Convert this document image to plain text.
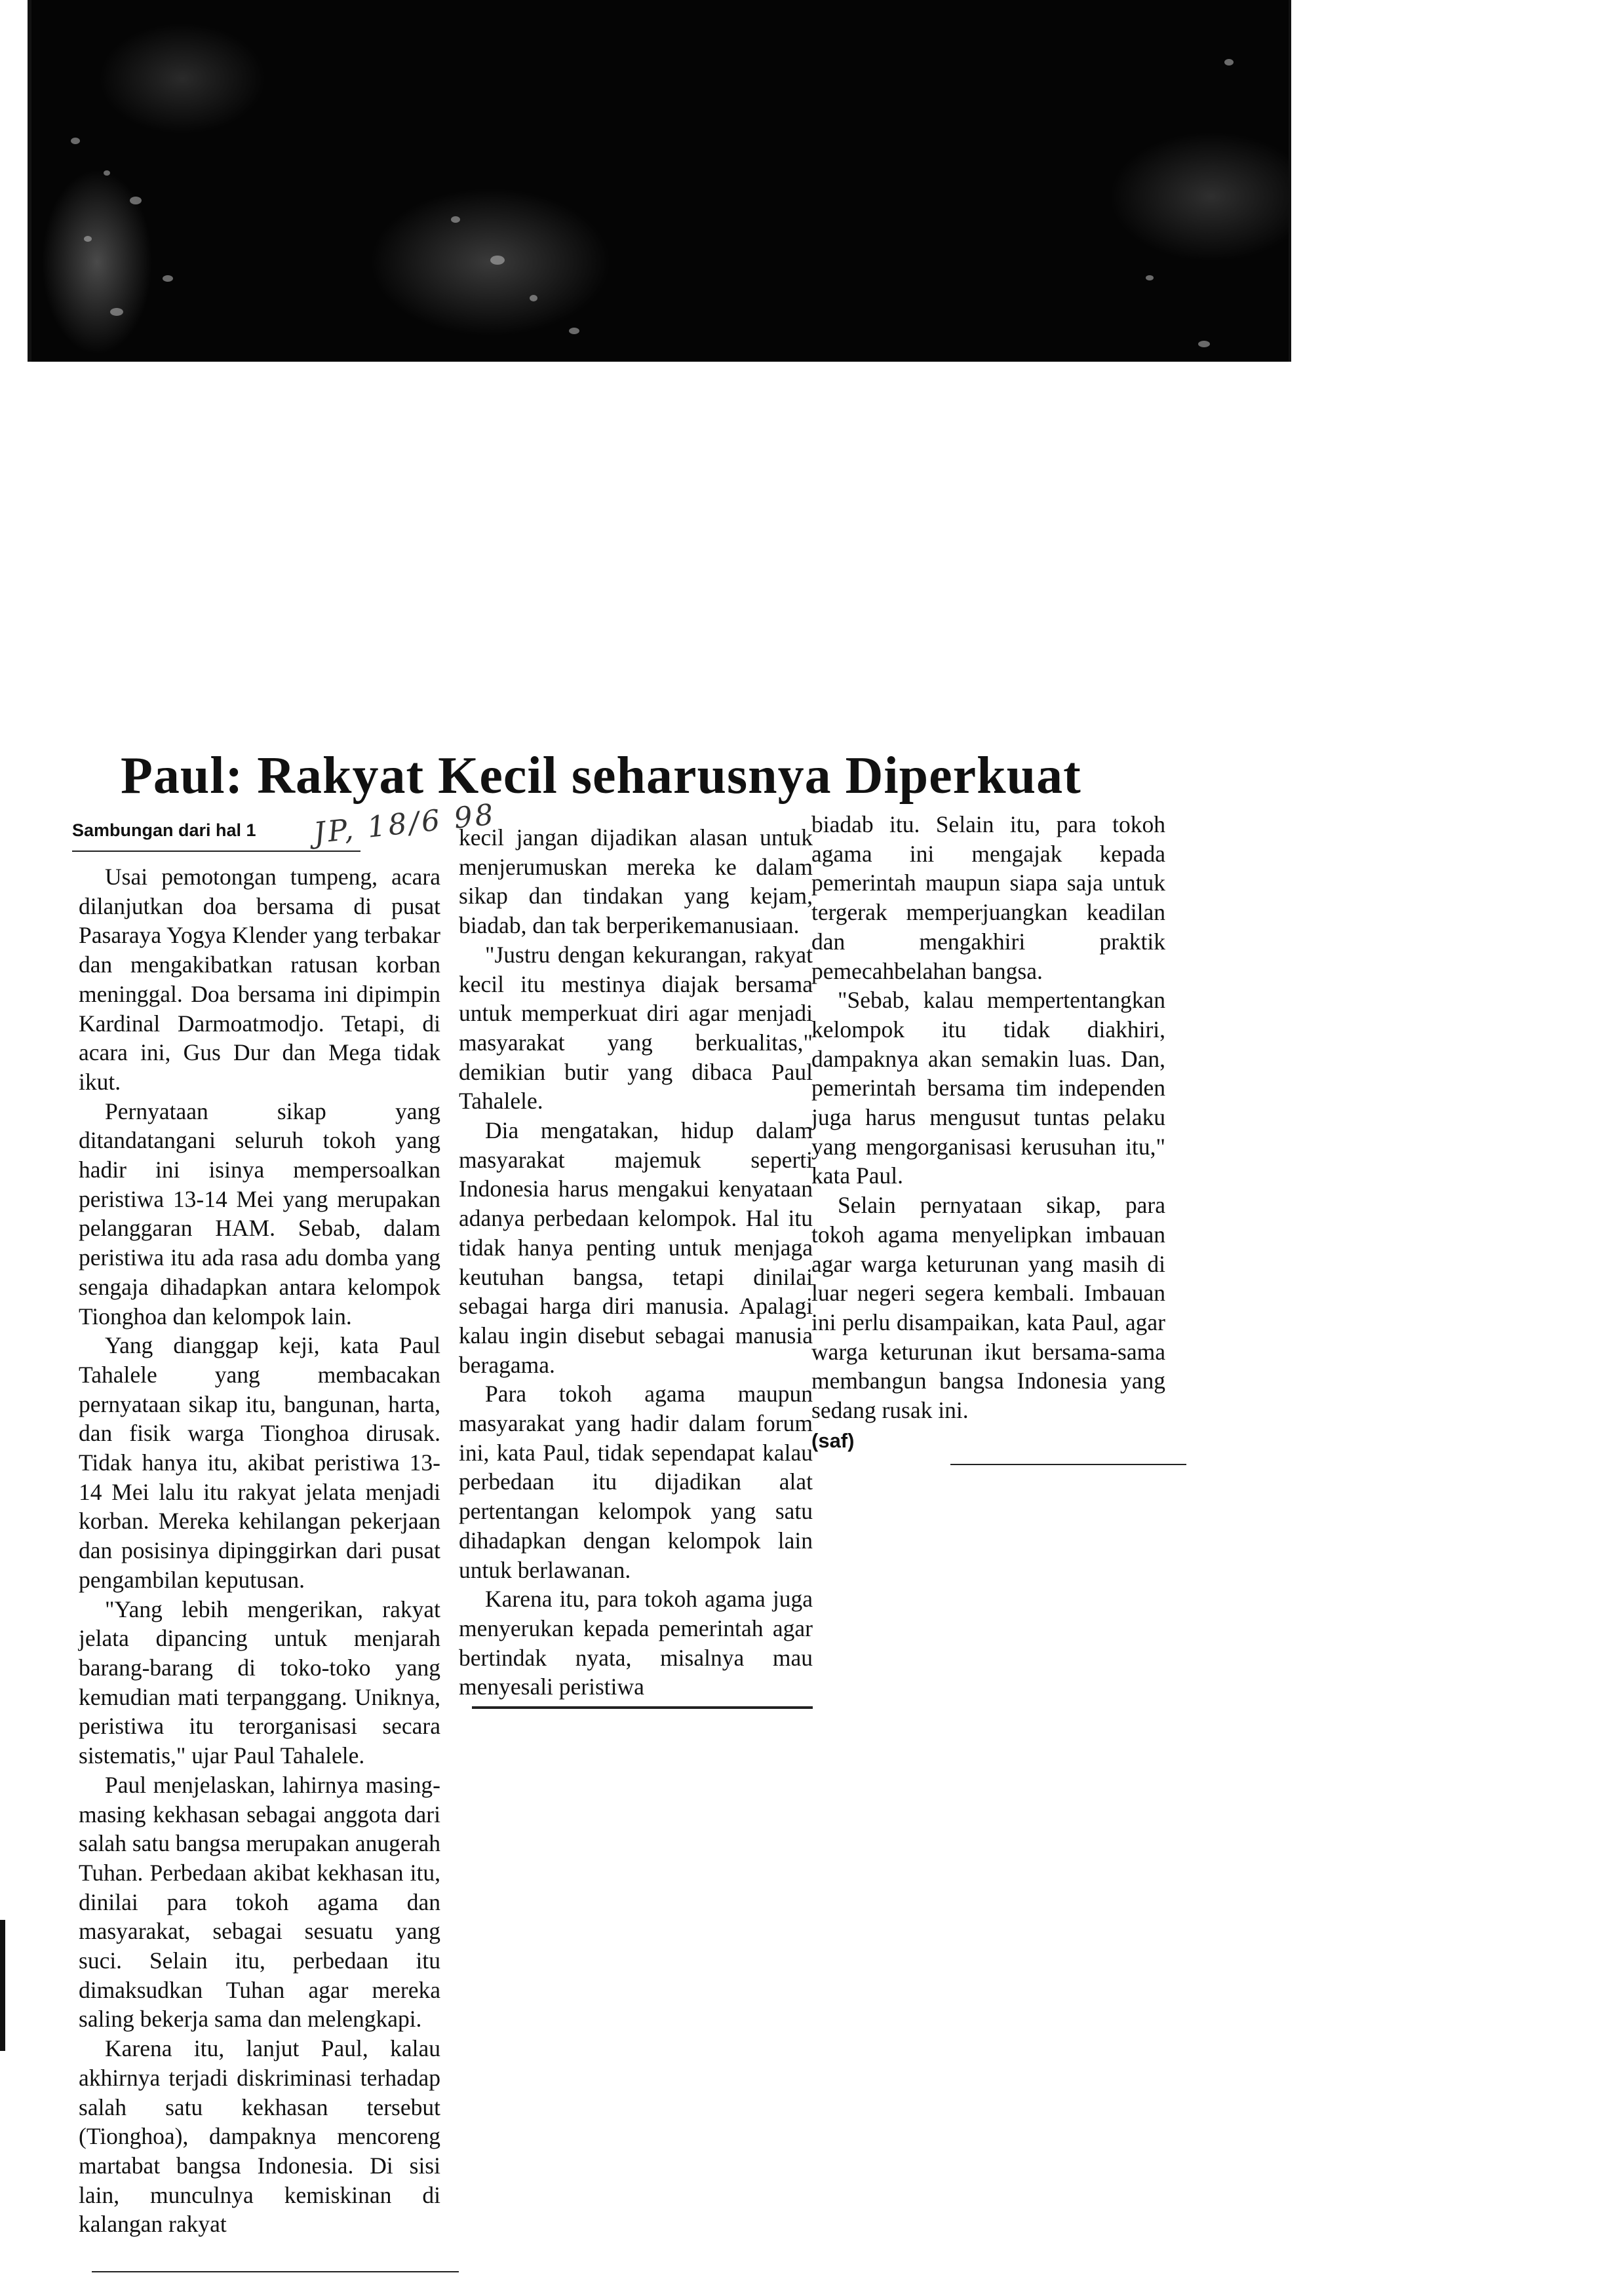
Paul: Rakyat Kecil seharusnya Diperkuat
Sambungan dari hal 1 JP, 18/6 98

Usai pemotongan tumpeng, acara dilanjutkan doa bersama di pusat Pasaraya Yogya Klender yang terbakar dan mengakibatkan ratusan korban meninggal. Doa bersama ini dipimpin Kardinal Darmoatmodjo. Tetapi, di acara ini, Gus Dur dan Mega tidak ikut.

Pernyataan sikap yang ditandatangani seluruh tokoh yang hadir ini isinya mempersoalkan peristiwa 13-14 Mei yang merupakan pelanggaran HAM. Sebab, dalam peristiwa itu ada rasa adu domba yang sengaja dihadapkan antara kelompok Tionghoa dan kelompok lain.

Yang dianggap keji, kata Paul Tahalele yang membacakan pernyataan sikap itu, bangunan, harta, dan fisik warga Tionghoa dirusak. Tidak hanya itu, akibat peristiwa 13-14 Mei lalu itu rakyat jelata menjadi korban. Mereka kehilangan pekerjaan dan posisinya dipinggirkan dari pusat pengambilan keputusan.

"Yang lebih mengerikan, rakyat jelata dipancing untuk menjarah barang-barang di toko-toko yang kemudian mati terpanggang. Uniknya, peristiwa itu terorganisasi secara sistematis," ujar Paul Tahalele.

Paul menjelaskan, lahirnya masing-masing kekhasan sebagai anggota dari salah satu bangsa merupakan anugerah Tuhan. Perbedaan akibat kekhasan itu, dinilai para tokoh agama dan masyarakat, sebagai sesuatu yang suci. Selain itu, perbedaan itu dimaksudkan Tuhan agar mereka saling bekerja sama dan melengkapi.

Karena itu, lanjut Paul, kalau akhirnya terjadi diskriminasi terhadap salah satu kekhasan tersebut (Tionghoa), dampaknya mencoreng martabat bangsa Indonesia. Di sisi lain, munculnya kemiskinan di kalangan rakyat

kecil jangan dijadikan alasan untuk menjerumuskan mereka ke dalam sikap dan tindakan yang kejam, biadab, dan tak berperikemanusiaan.

"Justru dengan kekurangan, rakyat kecil itu mestinya diajak bersama untuk memperkuat diri agar menjadi masyarakat yang berkualitas," demikian butir yang dibaca Paul Tahalele.

Dia mengatakan, hidup dalam masyarakat majemuk seperti Indonesia harus mengakui kenyataan adanya perbedaan kelompok. Hal itu tidak hanya penting untuk menjaga keutuhan bangsa, tetapi dinilai sebagai harga diri manusia. Apalagi kalau ingin disebut sebagai manusia beragama.

Para tokoh agama maupun masyarakat yang hadir dalam forum ini, kata Paul, tidak sependapat kalau perbedaan itu dijadikan alat pertentangan kelompok yang satu dihadapkan dengan kelompok lain untuk berlawanan.

Karena itu, para tokoh agama juga menyerukan kepada pemerintah agar bertindak nyata, misalnya mau menyesali peristiwa

biadab itu. Selain itu, para tokoh agama ini mengajak kepada pemerintah maupun siapa saja untuk tergerak memperjuangkan keadilan dan mengakhiri praktik pemecahbelahan bangsa.

"Sebab, kalau mempertentangkan kelompok itu tidak diakhiri, dampaknya akan semakin luas. Dan, pemerintah bersama tim independen juga harus mengusut tuntas pelaku yang mengorganisasi kerusuhan itu," kata Paul.

Selain pernyataan sikap, para tokoh agama menyelipkan imbauan agar warga keturunan yang masih di luar negeri segera kembali. Imbauan ini perlu disampaikan, kata Paul, agar warga keturunan ikut bersama-sama membangun bangsa Indonesia yang sedang rusak ini.

(saf)
